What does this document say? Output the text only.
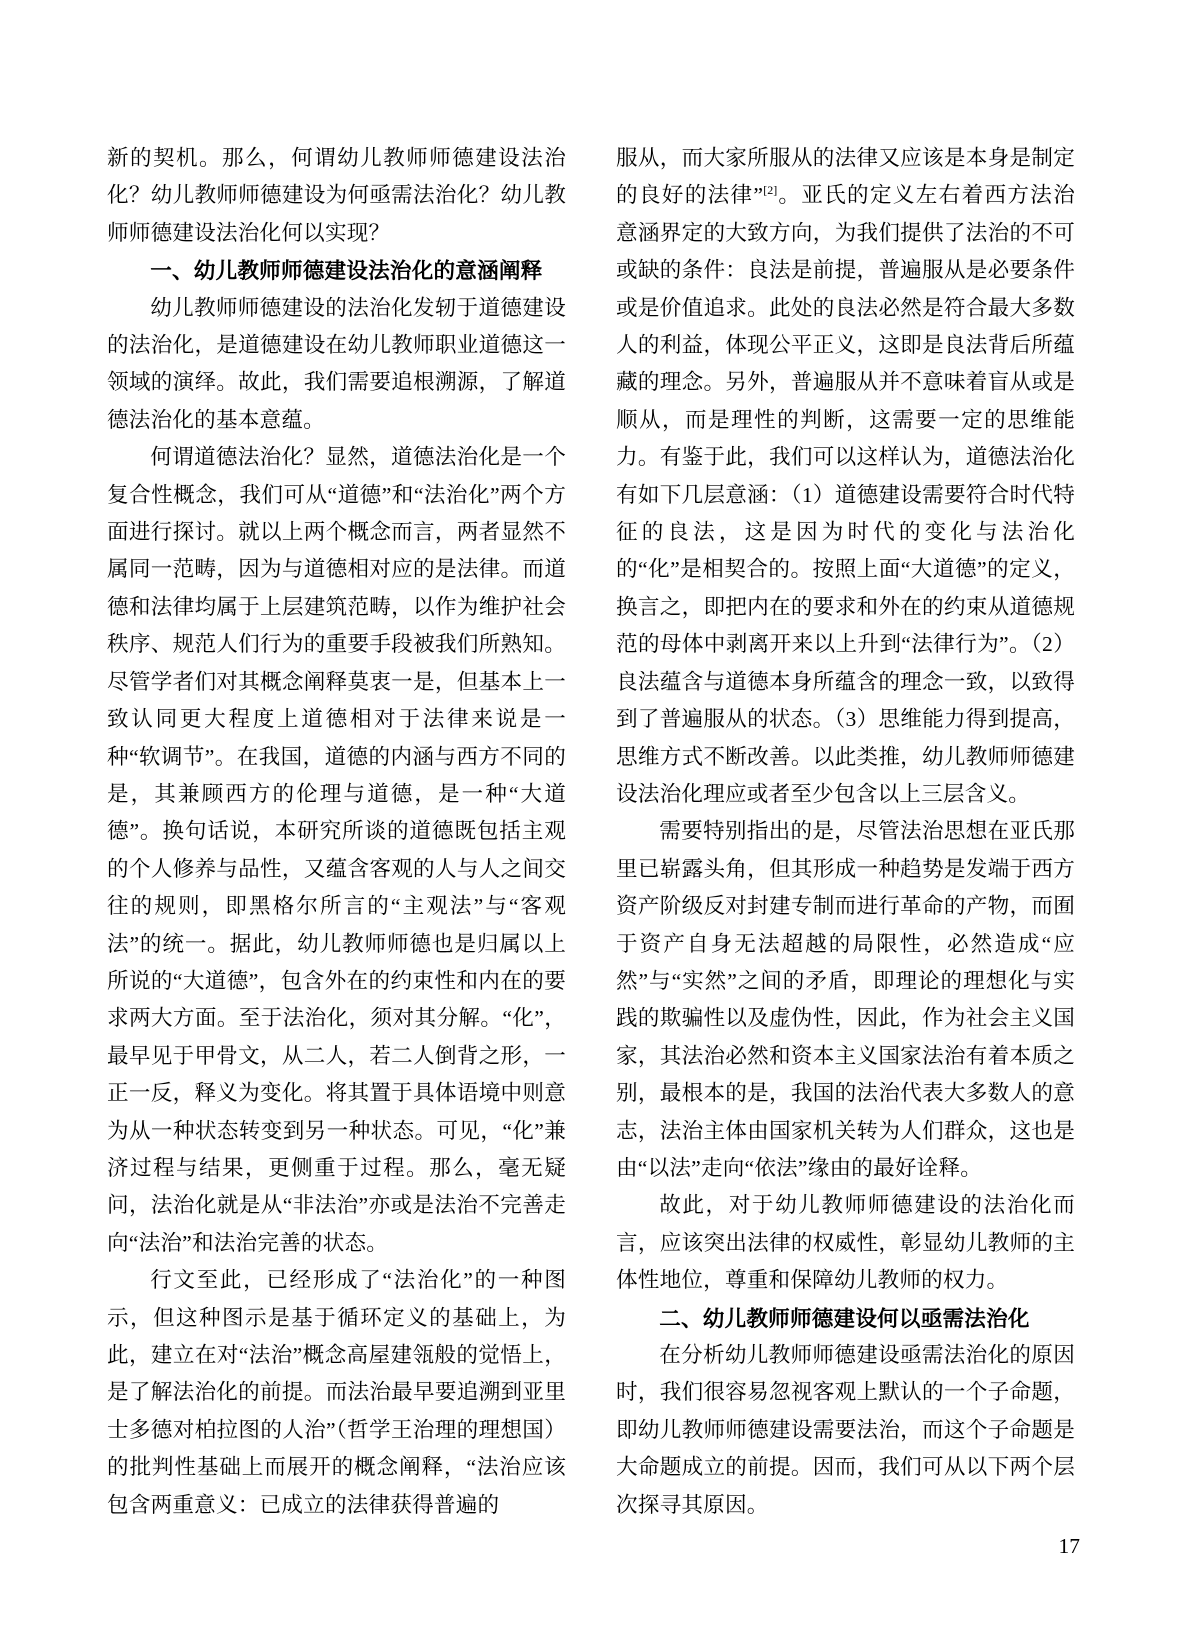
新的契机。那么，何谓幼儿教师师德建设法治化？幼儿教师师德建设为何亟需法治化？幼儿教师师德建设法治化何以实现？

一、幼儿教师师德建设法治化的意涵阐释

幼儿教师师德建设的法治化发轫于道德建设的法治化，是道德建设在幼儿教师职业道德这一领域的演绎。故此，我们需要追根溯源，了解道德法治化的基本意蕴。

何谓道德法治化？显然，道德法治化是一个复合性概念，我们可从“道德”和“法治化”两个方面进行探讨。就以上两个概念而言，两者显然不属同一范畴，因为与道德相对应的是法律。而道德和法律均属于上层建筑范畴，以作为维护社会秩序、规范人们行为的重要手段被我们所熟知。尽管学者们对其概念阐释莫衷一是，但基本上一致认同更大程度上道德相对于法律来说是一种“软调节”。在我国，道德的内涵与西方不同的是，其兼顾西方的伦理与道德，是一种“大道德”。换句话说，本研究所谈的道德既包括主观的个人修养与品性，又蕴含客观的人与人之间交往的规则，即黑格尔所言的“主观法”与“客观法”的统一。据此，幼儿教师师德也是归属以上所说的“大道德”，包含外在的约束性和内在的要求两大方面。至于法治化，须对其分解。“化”，最早见于甲骨文，从二人，若二人倒背之形，一正一反，释义为变化。将其置于具体语境中则意为从一种状态转变到另一种状态。可见，“化”兼济过程与结果，更侧重于过程。那么，毫无疑问，法治化就是从“非法治”亦或是法治不完善走向“法治”和法治完善的状态。

行文至此，已经形成了“法治化”的一种图示，但这种图示是基于循环定义的基础上，为此，建立在对“法治”概念高屋建瓴般的觉悟上，是了解法治化的前提。而法治最早要追溯到亚里士多德对柏拉图的人治”（哲学王治理的理想国）的批判性基础上而展开的概念阐释，“法治应该包含两重意义：已成立的法律获得普遍的

服从，而大家所服从的法律又应该是本身是制定的良好的法律”[2]。亚氏的定义左右着西方法治意涵界定的大致方向，为我们提供了法治的不可或缺的条件：良法是前提，普遍服从是必要条件或是价值追求。此处的良法必然是符合最大多数人的利益，体现公平正义，这即是良法背后所蕴藏的理念。另外，普遍服从并不意味着盲从或是顺从，而是理性的判断，这需要一定的思维能力。有鉴于此，我们可以这样认为，道德法治化有如下几层意涵：（1）道德建设需要符合时代特征的良法，这是因为时代的变化与法治化的“化”是相契合的。按照上面“大道德”的定义，换言之，即把内在的要求和外在的约束从道德规范的母体中剥离开来以上升到“法律行为”。（2）良法蕴含与道德本身所蕴含的理念一致，以致得到了普遍服从的状态。（3）思维能力得到提高，思维方式不断改善。以此类推，幼儿教师师德建设法治化理应或者至少包含以上三层含义。

需要特别指出的是，尽管法治思想在亚氏那里已崭露头角，但其形成一种趋势是发端于西方资产阶级反对封建专制而进行革命的产物，而囿于资产自身无法超越的局限性，必然造成“应然”与“实然”之间的矛盾，即理论的理想化与实践的欺骗性以及虚伪性，因此，作为社会主义国家，其法治必然和资本主义国家法治有着本质之别，最根本的是，我国的法治代表大多数人的意志，法治主体由国家机关转为人们群众，这也是由“以法”走向“依法”缘由的最好诠释。

故此，对于幼儿教师师德建设的法治化而言，应该突出法律的权威性，彰显幼儿教师的主体性地位，尊重和保障幼儿教师的权力。

二、幼儿教师师德建设何以亟需法治化

在分析幼儿教师师德建设亟需法治化的原因时，我们很容易忽视客观上默认的一个子命题，即幼儿教师师德建设需要法治，而这个子命题是大命题成立的前提。因而，我们可从以下两个层次探寻其原因。

17
